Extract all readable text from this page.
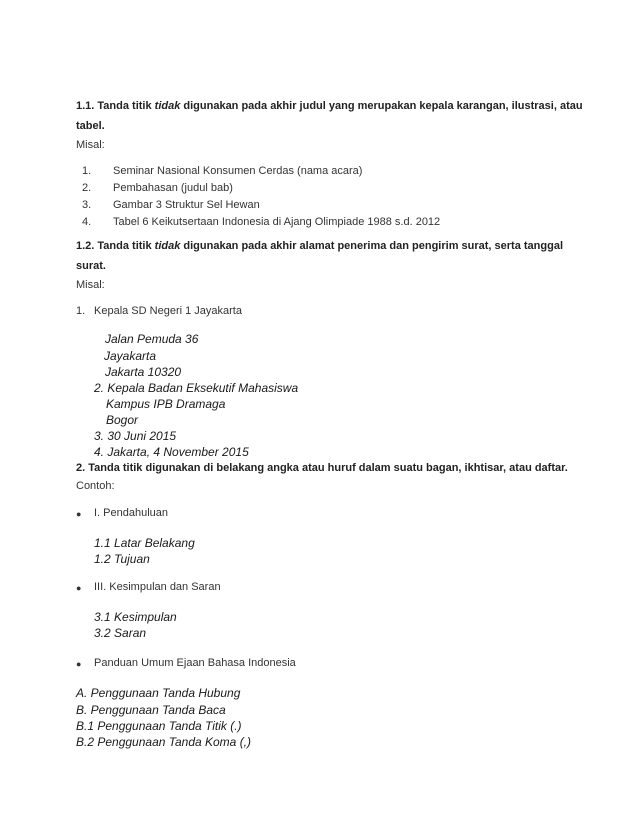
1.1. Tanda titik tidak digunakan pada akhir judul yang merupakan kepala karangan, ilustrasi, atau
tabel.
Misal:
1. Seminar Nasional Konsumen Cerdas (nama acara)
2. Pembahasan (judul bab)
3. Gambar 3 Struktur Sel Hewan
4. Tabel 6 Keikutsertaan Indonesia di Ajang Olimpiade 1988 s.d. 2012
1.2. Tanda titik tidak digunakan pada akhir alamat penerima dan pengirim surat, serta tanggal
surat.
Misal:
1. Kepala SD Negeri 1 Jayakarta
Jalan Pemuda 36
Jayakarta
Jakarta 10320
2. Kepala Badan Eksekutif Mahasiswa
Kampus IPB Dramaga
Bogor
3. 30 Juni 2015
4. Jakarta, 4 November 2015
2. Tanda titik digunakan di belakang angka atau huruf dalam suatu bagan, ikhtisar, atau daftar.
Contoh:
● I. Pendahuluan
1.1 Latar Belakang
1.2 Tujuan
● III. Kesimpulan dan Saran
3.1 Kesimpulan
3.2 Saran
● Panduan Umum Ejaan Bahasa Indonesia
A. Penggunaan Tanda Hubung
B. Penggunaan Tanda Baca
B.1 Penggunaan Tanda Titik (.)
B.2 Penggunaan Tanda Koma (,)
